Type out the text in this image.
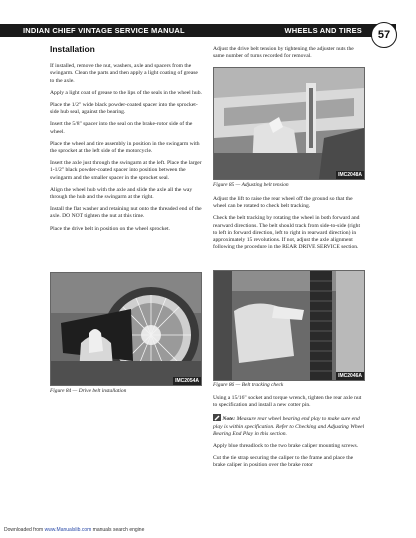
INDIAN CHIEF VINTAGE SERVICE MANUAL	WHEELS AND TIRES	57
Installation

If installed, remove the nut, washers, axle and spacers from the swingarm. Clean the parts and then apply a light coating of grease to the axle.

Apply a light coat of grease to the lips of the seals in the wheel hub.

Place the 1/2" wide black powder-coated spacer into the sprocket-side hub seal, against the bearing.

Insert the 5/8" spacer into the seal on the brake-rotor side of the wheel.

Place the wheel and tire assembly in position in the swingarm with the sprocket at the left side of the motorcycle.

Insert the axle just through the swingarm at the left. Place the larger 1-1/2" black powder-coated spacer into position between the swingarm and the smaller spacer in the sprocket seal.

Align the wheel hub with the axle and slide the axle all the way through the hub and the swingarm at the right.

Install the flat washer and retaining nut onto the threaded end of the axle. DO NOT tighten the nut at this time.

Place the drive belt in position on the wheel sprocket.

IMC2054A
Figure 84 — Drive belt installation

Adjust the drive belt tension by tightening the adjuster nuts the same number of turns recorded for removal.

IMC2048A
Figure 85 — Adjusting belt tension

Adjust the lift to raise the rear wheel off the ground so that the wheel can be rotated to check belt tracking.

Check the belt tracking by rotating the wheel in both forward and rearward directions. The belt should track from side-to-side (right to left in forward direction, left to right in rearward direction) in approximately 15 revolutions. If not, adjust the axle alignment following the procedure in the REAR DRIVE SERVICE section.

IMC2046A
Figure 86 — Belt tracking check

Using a 15/16" socket and torque wrench, tighten the rear axle nut to specification and install a new cotter pin.

Note: Measure rear wheel bearing end play to make sure end play is within specification. Refer to Checking and Adjusting Wheel Bearing End Play in this section.

Apply blue threadlock to the two brake caliper mounting screws.

Cut the tie strap securing the caliper to the frame and place the brake caliper in position over the brake rotor

Downloaded from www.Manualslib.com manuals search engine
